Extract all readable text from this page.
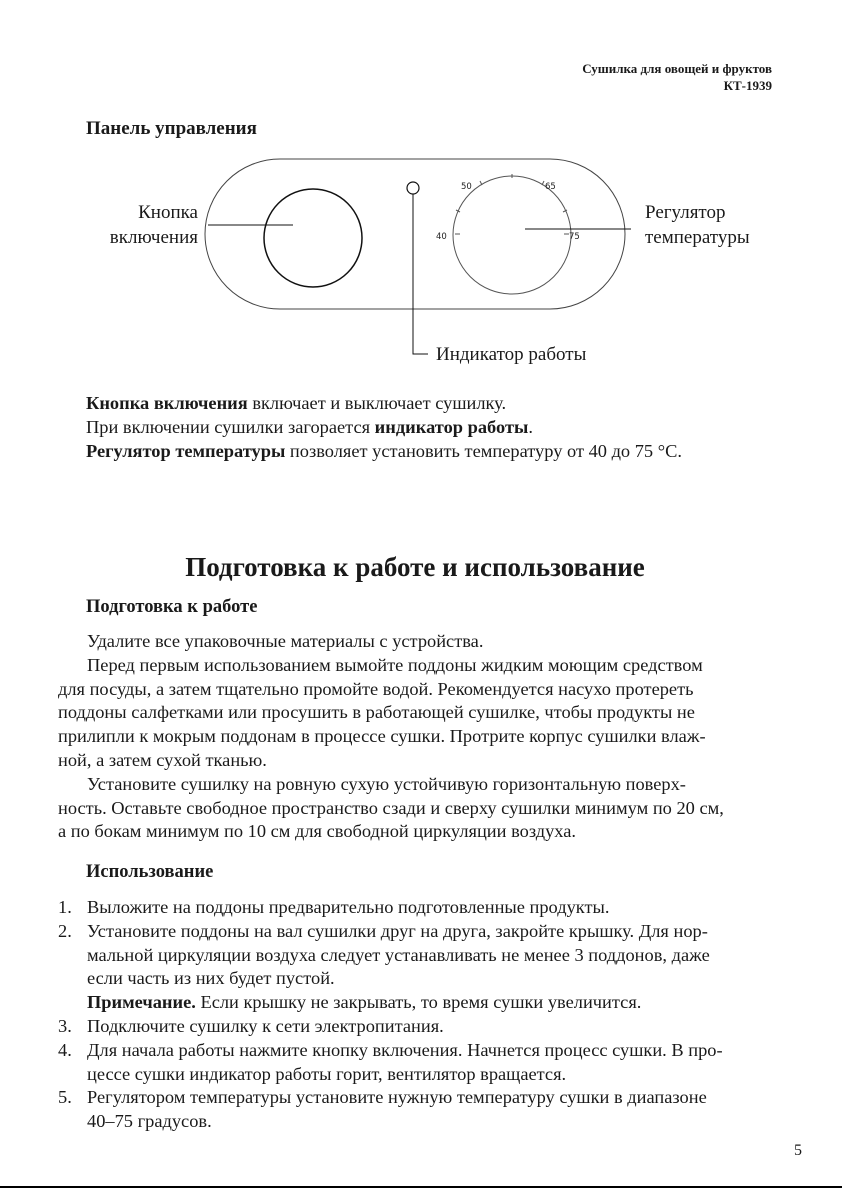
Сушилка для овощей и фруктов
КТ-1939
Панель управления
40
50	65
75
Кнопка
включения
Регулятор
температуры
Индикатор работы
Кнопка включения включает и выключает сушилку.
При включении сушилки загорается индикатор работы.
Регулятор температуры позволяет установить температуру от 40 до 75 °С.
Подготовка к работе и использование
Подготовка к работе
Удалите все упаковочные материалы с устройства.
Перед первым использованием вымойте поддоны жидким моющим средством
для посуды, а затем тщательно промойте водой. Рекомендуется насухо протереть
поддоны салфетками или просушить в работающей сушилке, чтобы продукты не
прилипли к мокрым поддонам в процессе сушки. Протрите корпус сушилки влаж-
ной, а затем сухой тканью.
Установите сушилку на ровную сухую устойчивую горизонтальную поверх-
ность. Оставьте свободное пространство сзади и сверху сушилки минимум по 20 см,
а по бокам минимум по 10 см для свободной циркуляции воздуха.
Использование
1. Выложите на поддоны предварительно подготовленные продукты.
2. Установите поддоны на вал сушилки друг на друга, закройте крышку. Для нор-
мальной циркуляции воздуха следует устанавливать не менее 3 поддонов, даже
если часть из них будет пустой.
Примечание. Если крышку не закрывать, то время сушки увеличится.
3. Подключите сушилку к сети электропитания.
4. Для начала работы нажмите кнопку включения. Начнется процесс сушки. В про-
цессе сушки индикатор работы горит, вентилятор вращается.
5. Регулятором температуры установите нужную температуру сушки в диапазоне
40–75 градусов.
5
